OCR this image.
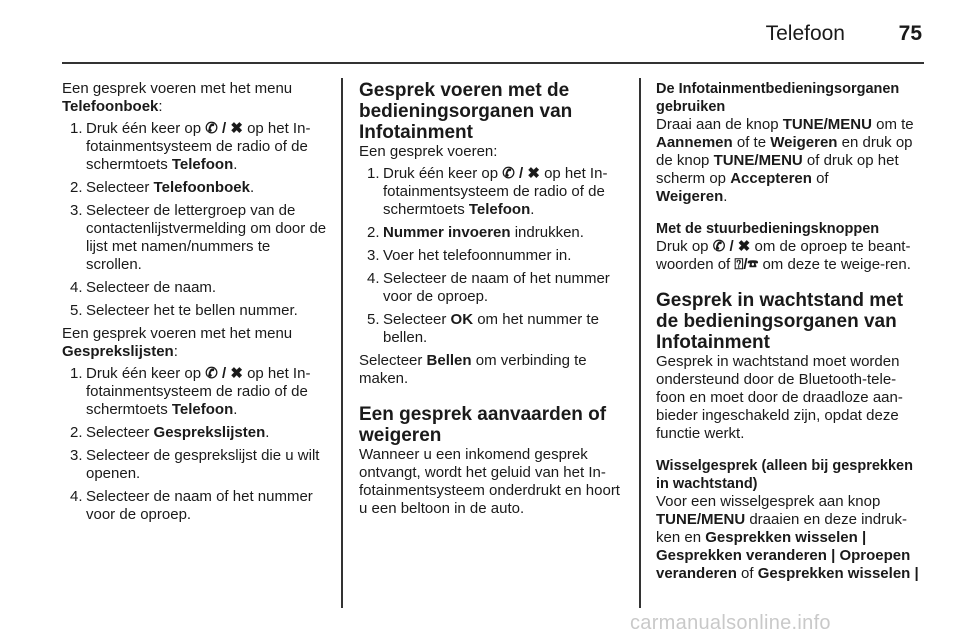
Telefoon	75

Een gesprek voeren met het menu
Telefoonboek:

1. Druk één keer op ✆ / ✖ op het In-fotainmentsysteem de radio of de schermtoets Telefoon.
2. Selecteer Telefoonboek.
3. Selecteer de lettergroep van de contactenlijstvermelding om door de lijst met namen/nummers te scrollen.
4. Selecteer de naam.
5. Selecteer het te bellen nummer.

Een gesprek voeren met het menu
Gesprekslijsten:

1. Druk één keer op ✆ / ✖ op het In-fotainmentsysteem de radio of de schermtoets Telefoon.
2. Selecteer Gesprekslijsten.
3. Selecteer de gesprekslijst die u wilt openen.
4. Selecteer de naam of het nummer voor de oproep.
Gesprek voeren met de bedieningsorganen van Infotainment

Een gesprek voeren:

1. Druk één keer op ✆ / ✖ op het In-fotainmentsysteem de radio of de schermtoets Telefoon.
2. Nummer invoeren indrukken.
3. Voer het telefoonnummer in.
4. Selecteer de naam of het nummer voor de oproep.
5. Selecteer OK om het nummer te bellen.

Selecteer Bellen om verbinding te maken.

Een gesprek aanvaarden of weigeren

Wanneer u een inkomend gesprek ontvangt, wordt het geluid van het In-fotainmentsysteem onderdrukt en hoort u een beltoon in de auto.

De Infotainmentbedieningsorganen gebruiken

Draai aan de knop TUNE/MENU om te Aannemen of te Weigeren en druk op de knop TUNE/MENU of druk op het scherm op Accepteren of
Weigeren.

Met de stuurbedieningsknoppen

Druk op ✆ / ✖ om de oproep te beant-woorden of ⍰/☎ om deze te weige-ren.

Gesprek in wachtstand met de bedieningsorganen van Infotainment

Gesprek in wachtstand moet worden ondersteund door de Bluetooth-tele-foon en moet door de draadloze aan-bieder ingeschakeld zijn, opdat deze functie werkt.

Wisselgesprek (alleen bij gesprekken in wachtstand)

Voor een wisselgesprek aan knop TUNE/MENU draaien en deze indruk-ken en Gesprekken wisselen | Gesprekken veranderen | Oproepen veranderen of Gesprekken wisselen |

carmanualsonline.info
